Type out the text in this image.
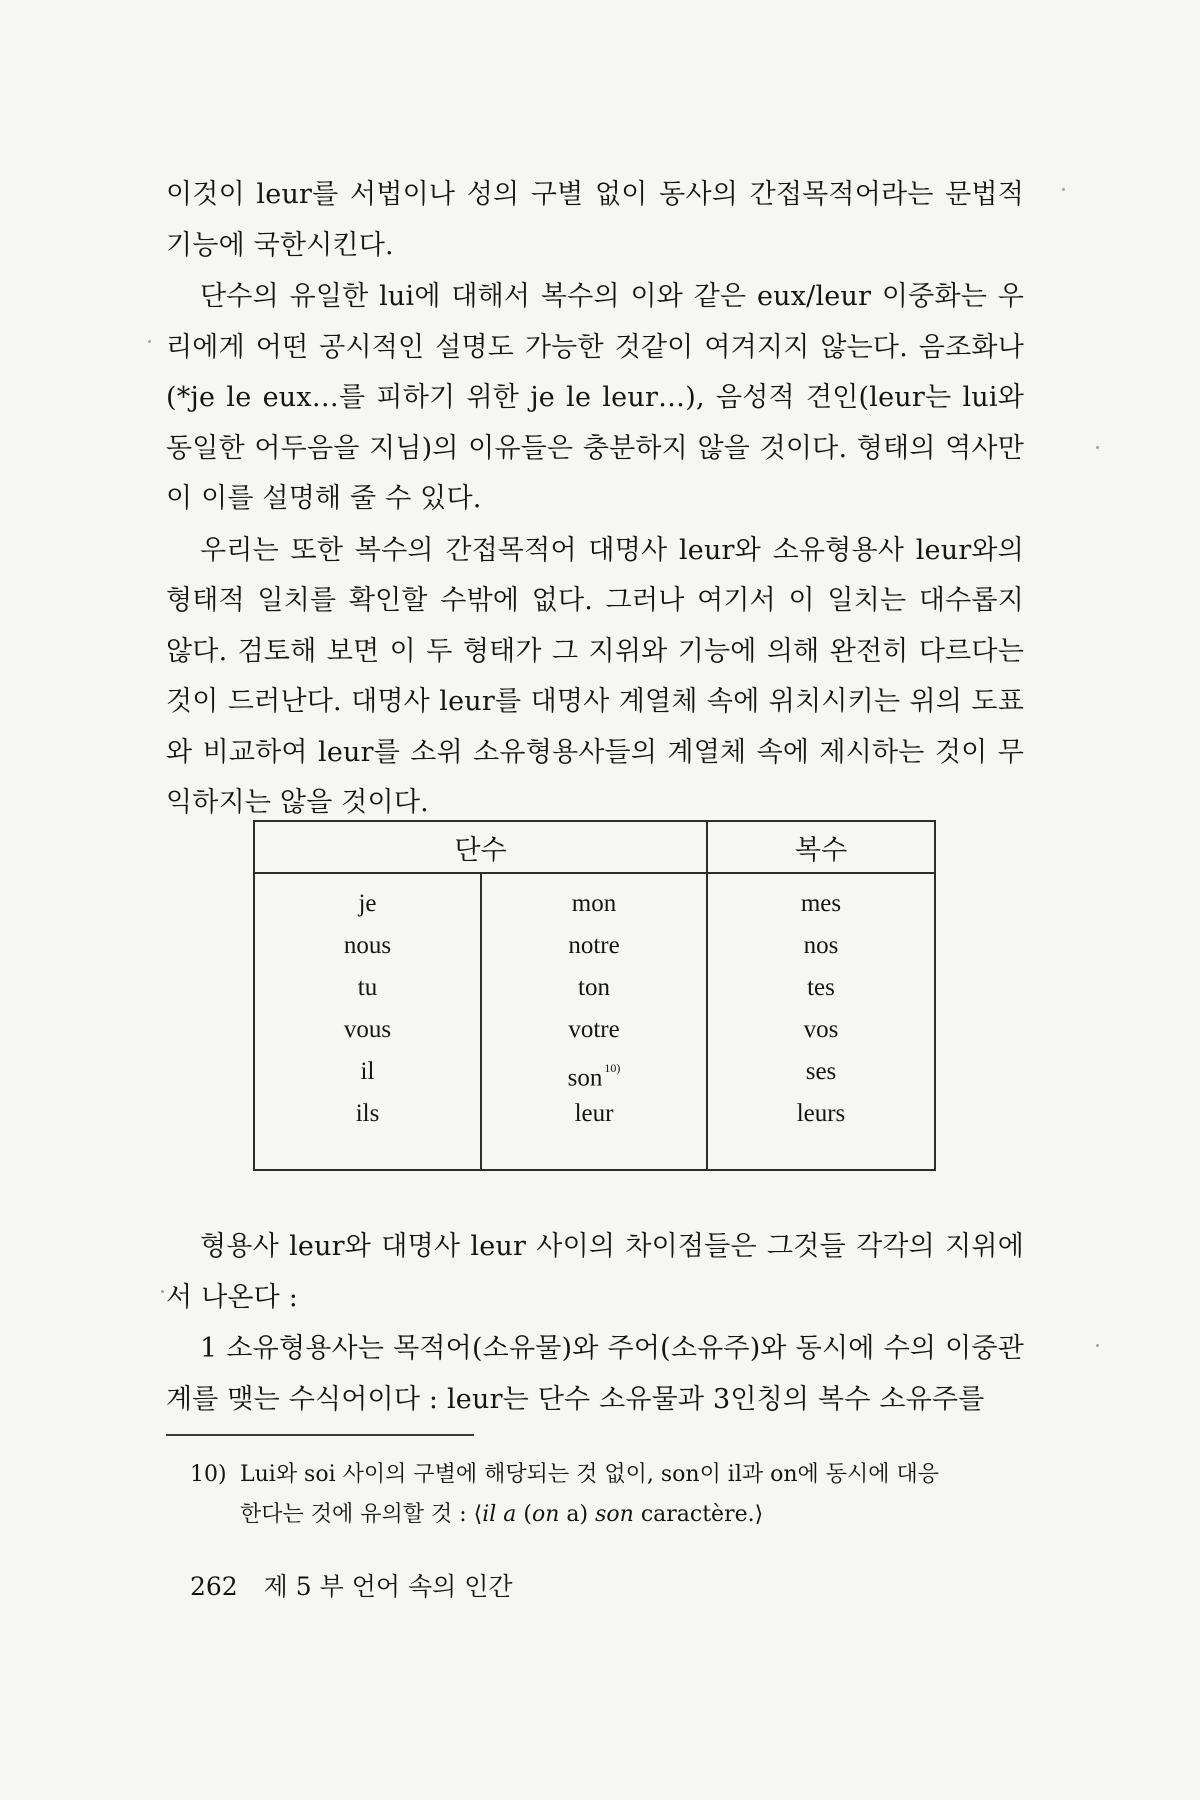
이것이 leur를 서법이나 성의 구별 없이 동사의 간접목적어라는 문법적 기능에 국한시킨다.

단수의 유일한 lui에 대해서 복수의 이와 같은 eux/leur 이중화는 우리에게 어떤 공시적인 설명도 가능한 것같이 여겨지지 않는다. 음조화나 (*je le eux…를 피하기 위한 je le leur…), 음성적 견인(leur는 lui와 동일한 어두음을 지님)의 이유들은 충분하지 않을 것이다. 형태의 역사만이 이를 설명해 줄 수 있다.

우리는 또한 복수의 간접목적어 대명사 leur와 소유형용사 leur와의 형태적 일치를 확인할 수밖에 없다. 그러나 여기서 이 일치는 대수롭지 않다. 검토해 보면 이 두 형태가 그 지위와 기능에 의해 완전히 다르다는 것이 드러난다. 대명사 leur를 대명사 계열체 속에 위치시키는 위의 도표와 비교하여 leur를 소위 소유형용사들의 계열체 속에 제시하는 것이 무익하지는 않을 것이다.

단수	복수
je
nous
tu
vous
il
ils
mon
notre
ton
votre
son $^{10)}$
leur
mes
nos
tes
vos
ses
leurs

형용사 leur와 대명사 leur 사이의 차이점들은 그것들 각각의 지위에서 나온다 :

1 소유형용사는 목적어(소유물)와 주어(소유주)와 동시에 수의 이중관계를 맺는 수식어이다 : leur는 단수 소유물과 3인칭의 복수 소유주를

10) Lui와 soi 사이의 구별에 해당되는 것 없이, son이 il과 on에 동시에 대응
한다는 것에 유의할 것 : ⟨il a (on a) son caractère.⟩
262 제 5 부 언어 속의 인간
